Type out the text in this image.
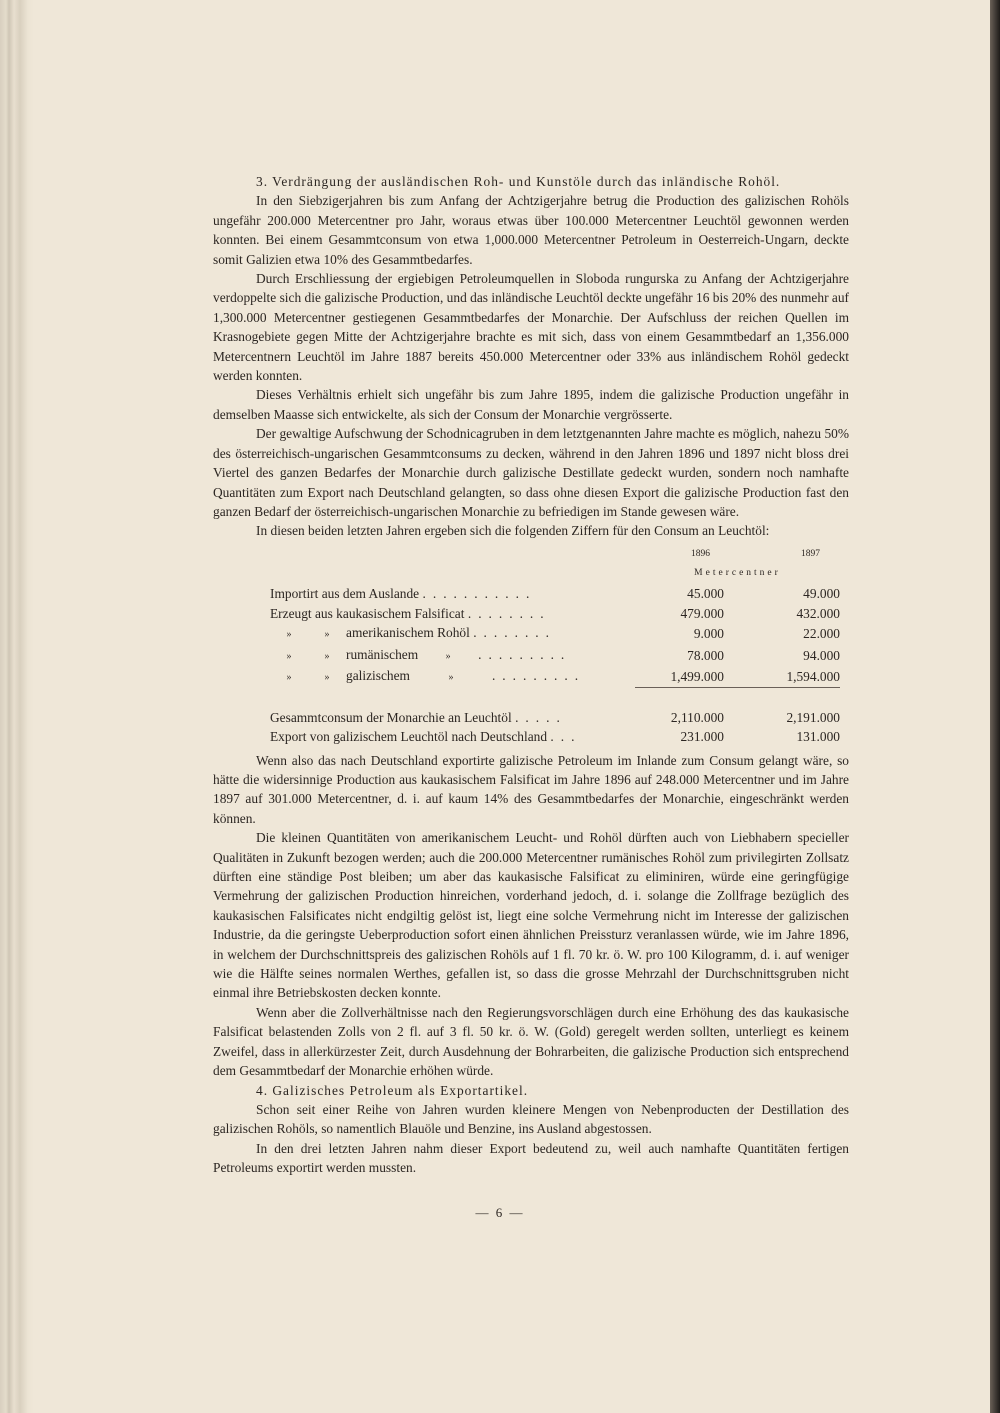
3. Verdrängung der ausländischen Roh- und Kunstöle durch das inländische Rohöl.

In den Siebzigerjahren bis zum Anfang der Achtzigerjahre betrug die Production des galizischen Rohöls ungefähr 200.000 Metercentner pro Jahr, woraus etwas über 100.000 Metercentner Leuchtöl gewonnen werden konnten. Bei einem Gesammtconsum von etwa 1,000.000 Metercentner Petroleum in Oesterreich-Ungarn, deckte somit Galizien etwa 10% des Gesammtbedarfes.

Durch Erschliessung der ergiebigen Petroleumquellen in Sloboda rungurska zu Anfang der Achtzigerjahre verdoppelte sich die galizische Production, und das inländische Leuchtöl deckte ungefähr 16 bis 20% des nunmehr auf 1,300.000 Metercentner gestiegenen Gesammtbedarfes der Monarchie. Der Aufschluss der reichen Quellen im Krasnogebiete gegen Mitte der Achtzigerjahre brachte es mit sich, dass von einem Gesammtbedarf an 1,356.000 Metercentnern Leuchtöl im Jahre 1887 bereits 450.000 Metercentner oder 33% aus inländischem Rohöl gedeckt werden konnten.

Dieses Verhältnis erhielt sich ungefähr bis zum Jahre 1895, indem die galizische Production ungefähr in demselben Maasse sich entwickelte, als sich der Consum der Monarchie vergrösserte.

Der gewaltige Aufschwung der Schodnicagruben in dem letztgenannten Jahre machte es möglich, nahezu 50% des österreichisch-ungarischen Gesammtconsums zu decken, während in den Jahren 1896 und 1897 nicht bloss drei Viertel des ganzen Bedarfes der Monarchie durch galizische Destillate gedeckt wurden, sondern noch namhafte Quantitäten zum Export nach Deutschland gelangten, so dass ohne diesen Export die galizische Production fast den ganzen Bedarf der österreichisch-ungarischen Monarchie zu befriedigen im Stande gewesen wäre.

In diesen beiden letzten Jahren ergeben sich die folgenden Ziffern für den Consum an Leuchtöl:

	1896	1897
	Metercentner	
Importirt aus dem Auslande ...........	45.000	49.000
Erzeugt aus kaukasischem Falsificat ........	479.000	432.000
» » amerikanischem Rohöl ........	9.000	22.000
» » rumänischem » .........	78.000	94.000
» » galizischem » .........	1,499.000	1,594.000

Gesammtconsum der Monarchie an Leuchtöl .....	2,110.000	2,191.000
Export von galizischem Leuchtöl nach Deutschland ...	231.000	131.000

Wenn also das nach Deutschland exportirte galizische Petroleum im Inlande zum Consum gelangt wäre, so hätte die widersinnige Production aus kaukasischem Falsificat im Jahre 1896 auf 248.000 Metercentner und im Jahre 1897 auf 301.000 Metercentner, d. i. auf kaum 14% des Gesammtbedarfes der Monarchie, eingeschränkt werden können.

Die kleinen Quantitäten von amerikanischem Leucht- und Rohöl dürften auch von Liebhabern specieller Qualitäten in Zukunft bezogen werden; auch die 200.000 Metercentner rumänisches Rohöl zum privilegirten Zollsatz dürften eine ständige Post bleiben; um aber das kaukasische Falsificat zu eliminiren, würde eine geringfügige Vermehrung der galizischen Production hinreichen, vorderhand jedoch, d. i. solange die Zollfrage bezüglich des kaukasischen Falsificates nicht endgiltig gelöst ist, liegt eine solche Vermehrung nicht im Interesse der galizischen Industrie, da die geringste Ueberproduction sofort einen ähnlichen Preissturz veranlassen würde, wie im Jahre 1896, in welchem der Durchschnittspreis des galizischen Rohöls auf 1 fl. 70 kr. ö. W. pro 100 Kilogramm, d. i. auf weniger wie die Hälfte seines normalen Werthes, gefallen ist, so dass die grosse Mehrzahl der Durchschnittsgruben nicht einmal ihre Betriebskosten decken konnte.

Wenn aber die Zollverhältnisse nach den Regierungsvorschlägen durch eine Erhöhung des das kaukasische Falsificat belastenden Zolls von 2 fl. auf 3 fl. 50 kr. ö. W. (Gold) geregelt werden sollten, unterliegt es keinem Zweifel, dass in allerkürzester Zeit, durch Ausdehnung der Bohrarbeiten, die galizische Production sich entsprechend dem Gesammtbedarf der Monarchie erhöhen würde.

4. Galizisches Petroleum als Exportartikel.

Schon seit einer Reihe von Jahren wurden kleinere Mengen von Nebenproducten der Destillation des galizischen Rohöls, so namentlich Blauöle und Benzine, ins Ausland abgestossen.

In den drei letzten Jahren nahm dieser Export bedeutend zu, weil auch namhafte Quantitäten fertigen Petroleums exportirt werden mussten.

— 6 —
